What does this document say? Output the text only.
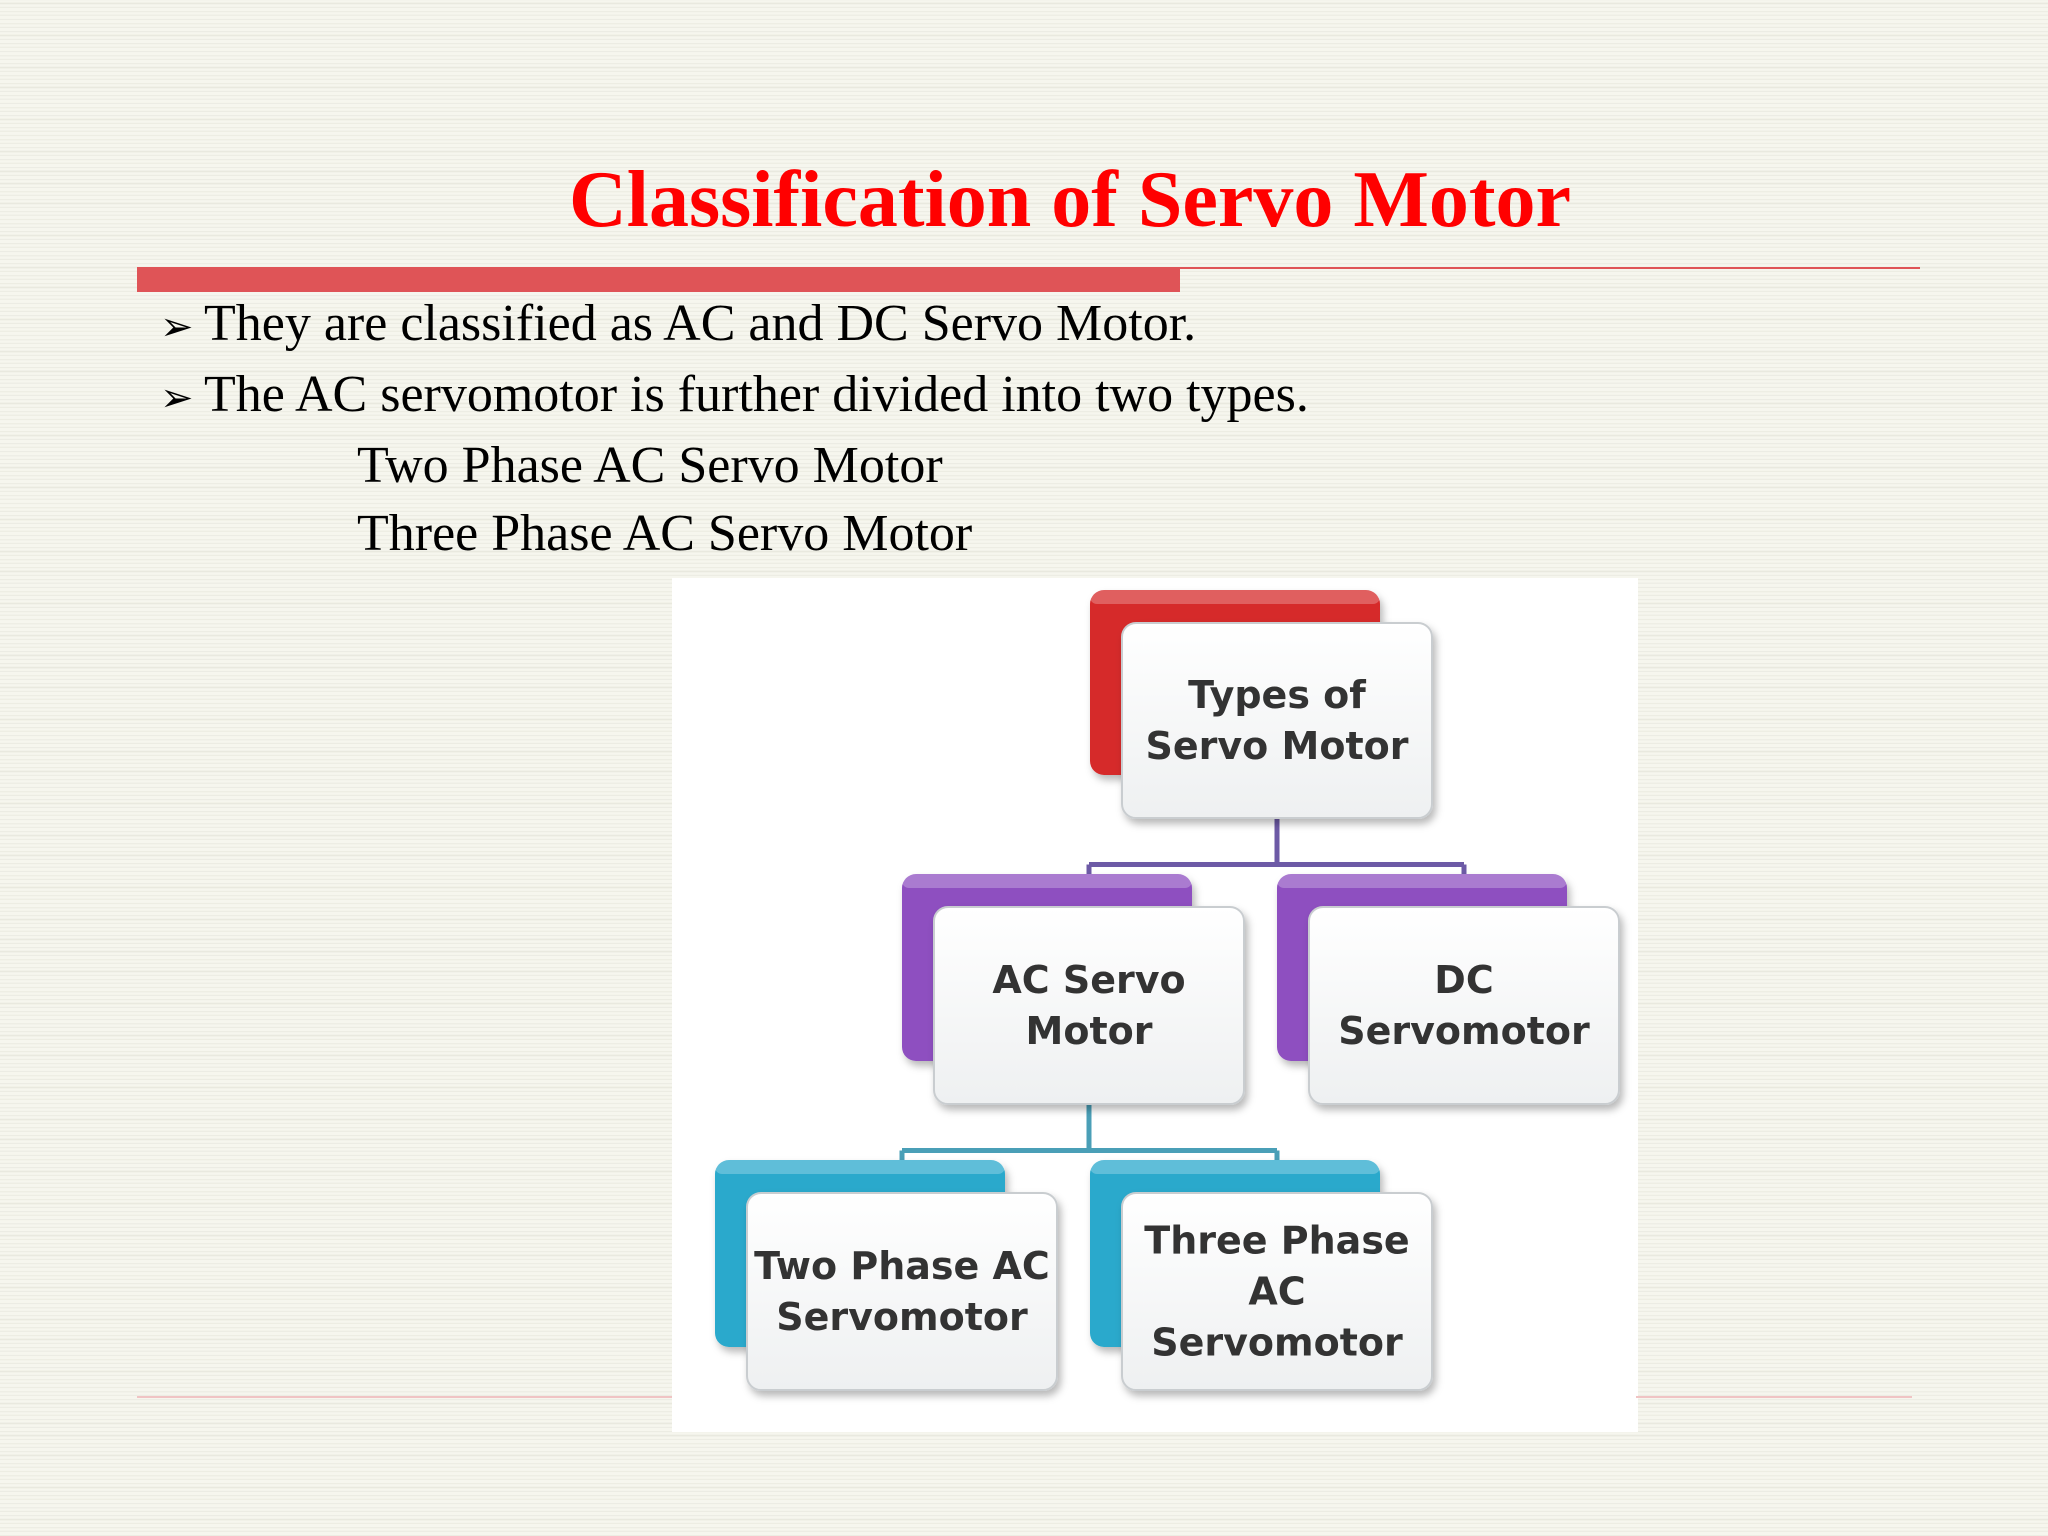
Classification of Servo Motor
➢ They are classified as AC and DC Servo Motor.
➢ The AC servomotor is further divided into two types.
Two Phase AC Servo Motor
Three Phase AC Servo Motor
Types of
Servo Motor
AC Servo
Motor
DC
Servomotor
Two Phase AC
Servomotor
Three Phase
AC
Servomotor
